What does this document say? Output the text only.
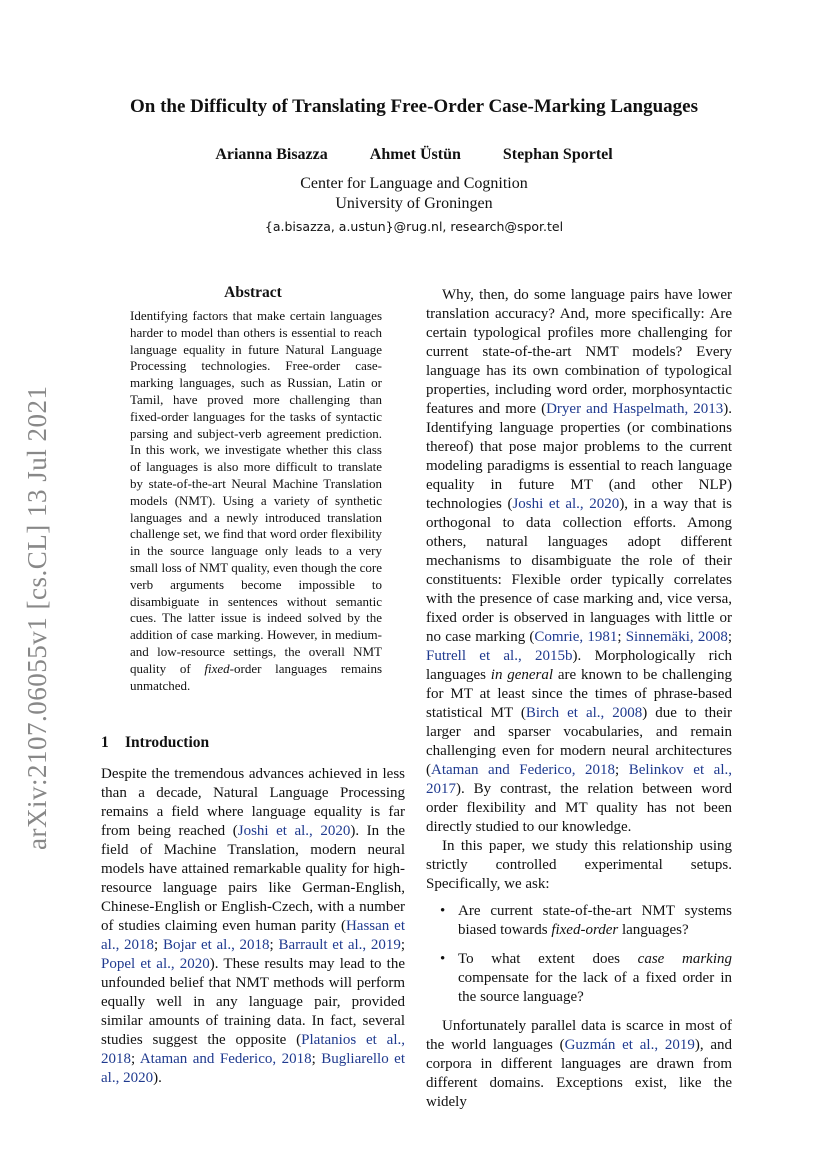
On the Difficulty of Translating Free-Order Case-Marking Languages
Arianna Bisazza	Ahmet Üstün	Stephan Sportel
Center for Language and Cognition
University of Groningen
{a.bisazza, a.ustun}@rug.nl, research@spor.tel
arXiv:2107.06055v1 [cs.CL] 13 Jul 2021
Abstract

Identifying factors that make certain languages harder to model than others is essential to reach language equality in future Natural Language Processing technologies. Free-order case-marking languages, such as Russian, Latin or Tamil, have proved more challenging than fixed-order languages for the tasks of syntactic parsing and subject-verb agreement prediction. In this work, we investigate whether this class of languages is also more difficult to translate by state-of-the-art Neural Machine Translation models (NMT). Using a variety of synthetic languages and a newly introduced translation challenge set, we find that word order flexibility in the source language only leads to a very small loss of NMT quality, even though the core verb arguments become impossible to disambiguate in sentences without semantic cues. The latter issue is indeed solved by the addition of case marking. However, in medium- and low-resource settings, the overall NMT quality of fixed-order languages remains unmatched.

1 Introduction

Despite the tremendous advances achieved in less than a decade, Natural Language Processing remains a field where language equality is far from being reached (Joshi et al., 2020). In the field of Machine Translation, modern neural models have attained remarkable quality for high-resource language pairs like German-English, Chinese-English or English-Czech, with a number of studies claiming even human parity (Hassan et al., 2018; Bojar et al., 2018; Barrault et al., 2019; Popel et al., 2020). These results may lead to the unfounded belief that NMT methods will perform equally well in any language pair, provided similar amounts of training data. In fact, several studies suggest the opposite (Platanios et al., 2018; Ataman and Federico, 2018; Bugliarello et al., 2020).

Why, then, do some language pairs have lower translation accuracy? And, more specifically: Are certain typological profiles more challenging for current state-of-the-art NMT models? Every language has its own combination of typological properties, including word order, morphosyntactic features and more (Dryer and Haspelmath, 2013). Identifying language properties (or combinations thereof) that pose major problems to the current modeling paradigms is essential to reach language equality in future MT (and other NLP) technologies (Joshi et al., 2020), in a way that is orthogonal to data collection efforts. Among others, natural languages adopt different mechanisms to disambiguate the role of their constituents: Flexible order typically correlates with the presence of case marking and, vice versa, fixed order is observed in languages with little or no case marking (Comrie, 1981; Sinnemäki, 2008; Futrell et al., 2015b). Morphologically rich languages in general are known to be challenging for MT at least since the times of phrase-based statistical MT (Birch et al., 2008) due to their larger and sparser vocabularies, and remain challenging even for modern neural architectures (Ataman and Federico, 2018; Belinkov et al., 2017). By contrast, the relation between word order flexibility and MT quality has not been directly studied to our knowledge.

In this paper, we study this relationship using strictly controlled experimental setups. Specifically, we ask:

• Are current state-of-the-art NMT systems biased towards fixed-order languages?
• To what extent does case marking compensate for the lack of a fixed order in the source language?

Unfortunately parallel data is scarce in most of the world languages (Guzmán et al., 2019), and corpora in different languages are drawn from different domains. Exceptions exist, like the widely
